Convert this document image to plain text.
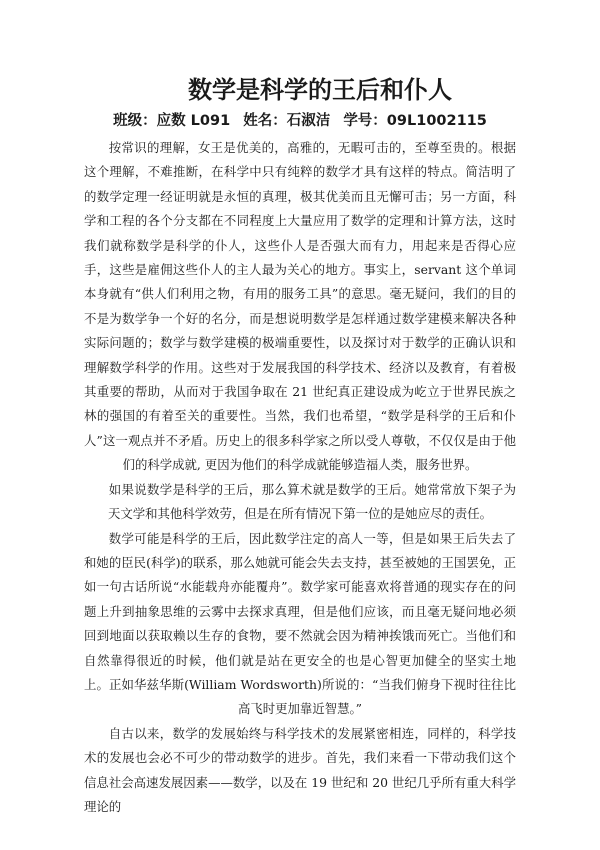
数学是科学的王后和仆人
班级：应数 L091 姓名：石淑洁 学号：09L1002115

按常识的理解，女王是优美的，高雅的，无暇可击的，至尊至贵的。根据这个理解，不难推断，在科学中只有纯粹的数学才具有这样的特点。简洁明了的数学定理一经证明就是永恒的真理，极其优美而且无懈可击；另一方面，科学和工程的各个分支都在不同程度上大量应用了数学的定理和计算方法，这时我们就称数学是科学的仆人，这些仆人是否强大而有力，用起来是否得心应手，这些是雇佣这些仆人的主人最为关心的地方。事实上，servant 这个单词本身就有“供人们利用之物，有用的服务工具”的意思。毫无疑问，我们的目的不是为数学争一个好的名分，而是想说明数学是怎样通过数学建模来解决各种实际问题的；数学与数学建模的极端重要性，以及探讨对于数学的正确认识和理解数学科学的作用。这些对于发展我国的科学技术、经济以及教育，有着极其重要的帮助，从而对于我国争取在 21 世纪真正建设成为屹立于世界民族之林的强国的有着至关的重要性。当然，我们也希望，“数学是科学的王后和仆人”这一观点并不矛盾。历史上的很多科学家之所以受人尊敬，不仅仅是由于他们的科学成就, 更因为他们的科学成就能够造福人类，服务世界。

如果说数学是科学的王后，那么算术就是数学的王后。她常常放下架子为天文学和其他科学效劳，但是在所有情况下第一位的是她应尽的责任。

数学可能是科学的王后，因此数学注定的高人一等，但是如果王后失去了和她的臣民(科学)的联系，那么她就可能会失去支持，甚至被她的王国罢免，正如一句古话所说“水能载舟亦能覆舟”。数学家可能喜欢将普通的现实存在的问题上升到抽象思维的云雾中去探求真理，但是他们应该，而且毫无疑问地必须回到地面以获取赖以生存的食物，要不然就会因为精神挨饿而死亡。当他们和自然靠得很近的时候，他们就是站在更安全的也是心智更加健全的坚实土地上。正如华兹华斯(William Wordsworth)所说的：“当我们俯身下视时往往比高飞时更加靠近智慧。”

自古以来，数学的发展始终与科学技术的发展紧密相连，同样的，科学技术的发展也会必不可少的带动数学的进步。首先，我们来看一下带动我们这个信息社会高速发展因素——数学，以及在 19 世纪和 20 世纪几乎所有重大科学理论的
